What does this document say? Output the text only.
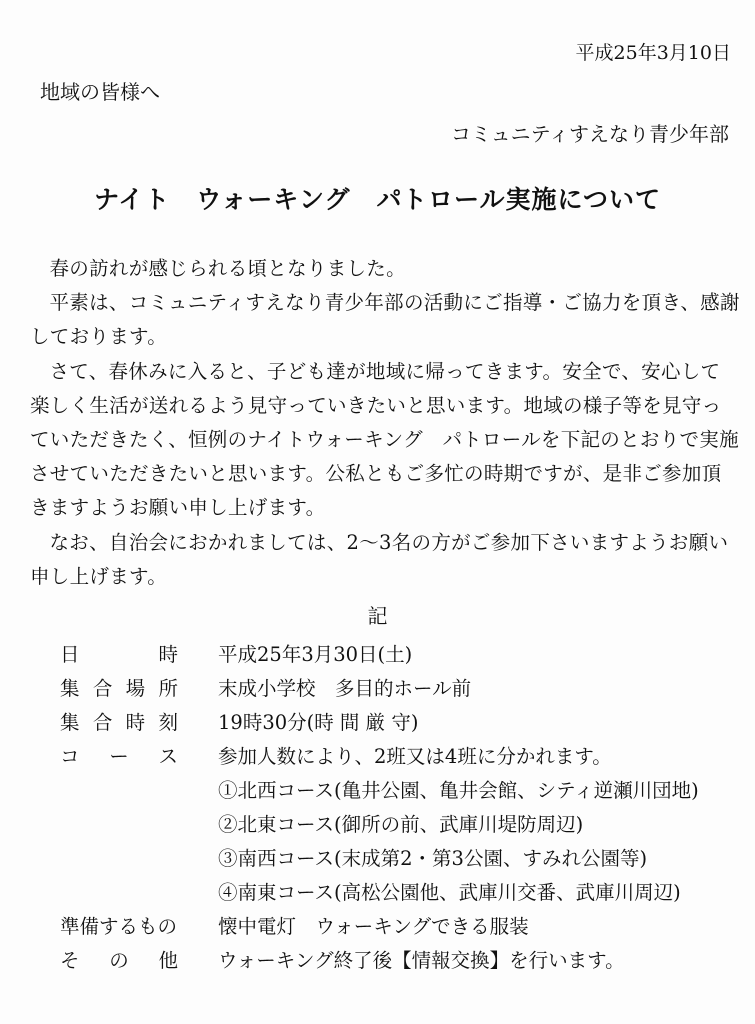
平成25年3月10日
地域の皆様へ
コミュニティすえなり青少年部
ナイト　ウォーキング　パトロール実施について

春の訪れが感じられる頃となりました。

平素は、コミュニティすえなり青少年部の活動にご指導・ご協力を頂き、感謝しております。

さて、春休みに入ると、子ども達が地域に帰ってきます。安全で、安心して楽しく生活が送れるよう見守っていきたいと思います。地域の様子等を見守っていただきたく、恒例のナイトウォーキング　パトロールを下記のとおりで実施させていただきたいと思います。公私ともご多忙の時期ですが、是非ご参加頂きますようお願い申し上げます。

なお、自治会におかれましては、2～3名の方がご参加下さいますようお願い申し上げます。

記
日	時 平成25年3月30日(土)
集 合 場 所 末成小学校　多目的ホール前
集 合 時 刻 19時30分(時 間 厳 守)
コ ー ス 参加人数により、2班又は4班に分かれます。
①北西コース(亀井公園、亀井会館、シティ逆瀬川団地)
②北東コース(御所の前、武庫川堤防周辺)
③南西コース(末成第2・第3公園、すみれ公園等)
④南東コース(高松公園他、武庫川交番、武庫川周辺)
準備するもの 懐中電灯　ウォーキングできる服装
そ の 他 ウォーキング終了後【情報交換】を行います。
